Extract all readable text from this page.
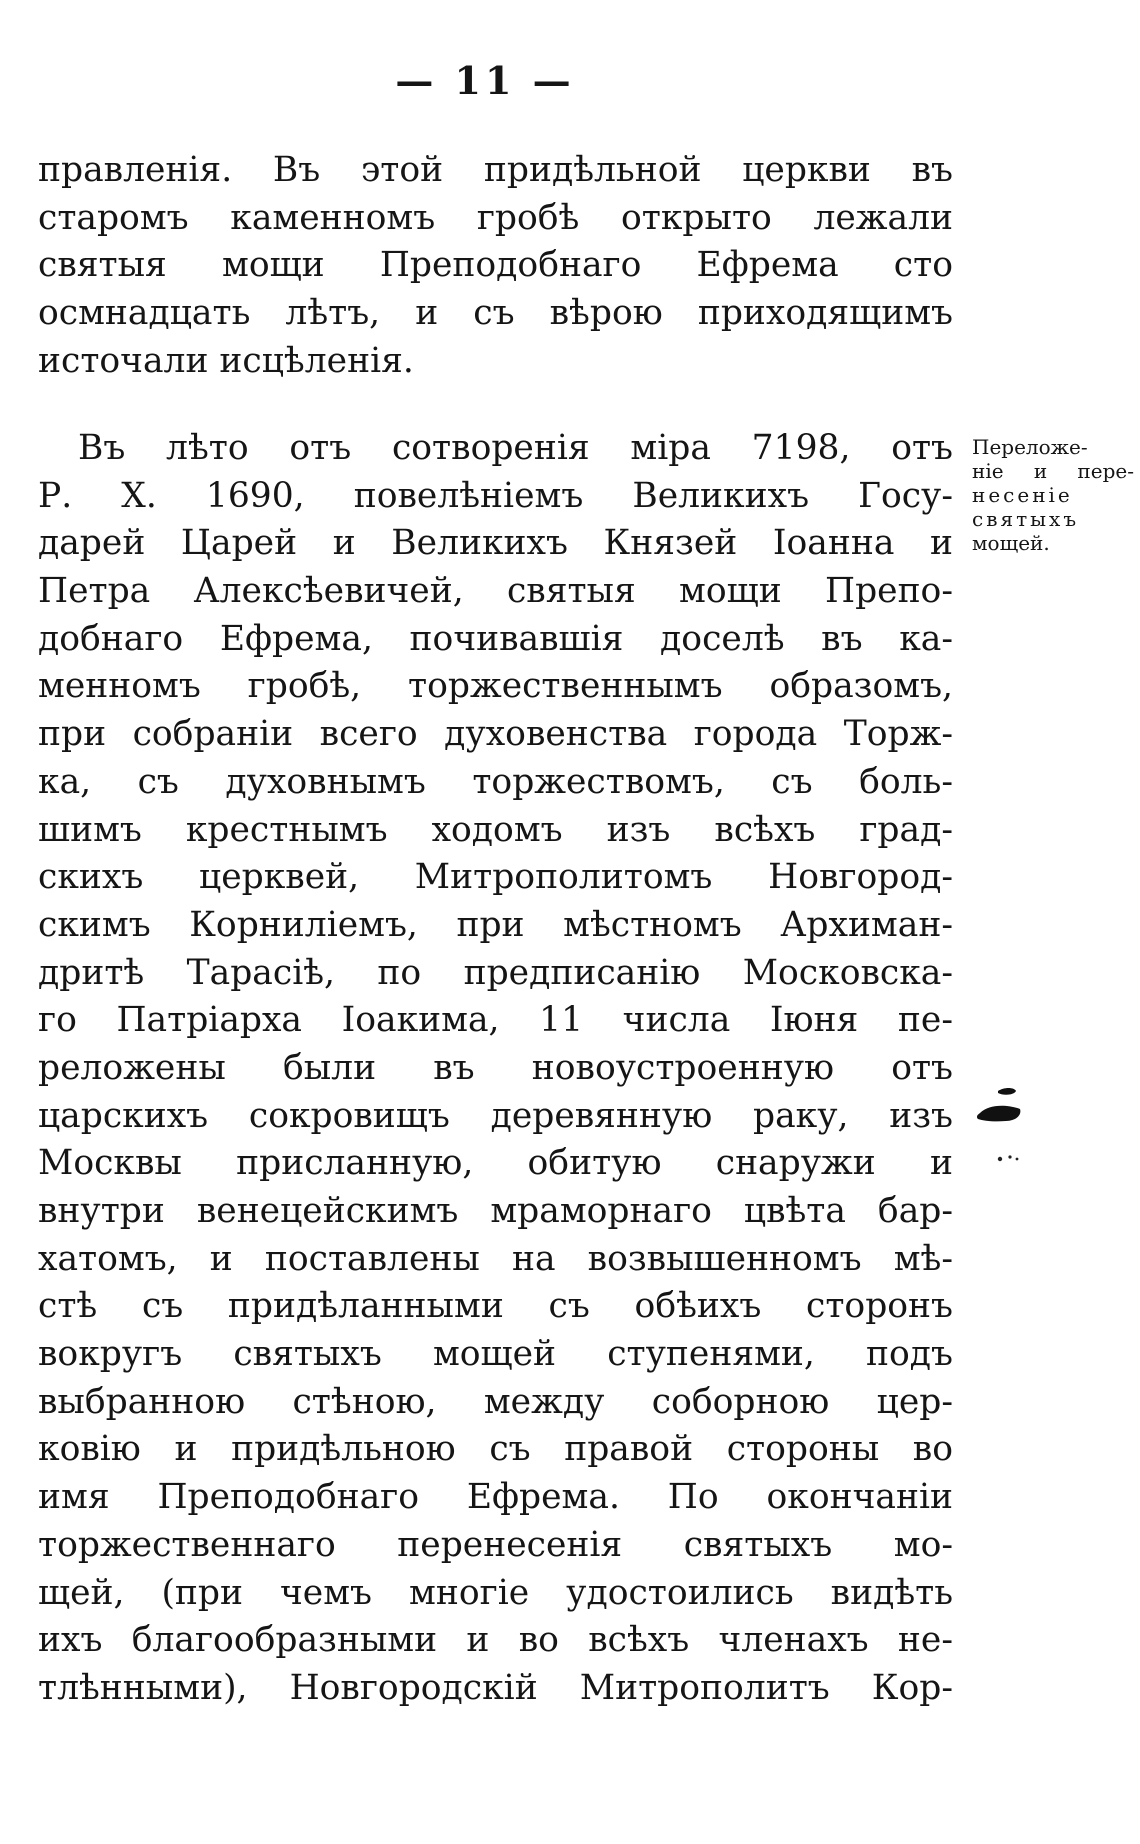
— 11 —
правленія. Въ этой придѣльной церкви въ
старомъ каменномъ гробѣ открыто лежали
святыя мощи Преподобнаго Ефрема сто
осмнадцать лѣтъ, и съ вѣрою приходящимъ
источали исцѣленія.
Въ лѣто отъ сотворенія міра 7198, отъ
Р. Х. 1690, повелѣніемъ Великихъ Госу-
дарей Царей и Великихъ Князей Іоанна и
Петра Алексѣевичей, святыя мощи Препо-
добнаго Ефрема, почивавшія доселѣ въ ка-
менномъ гробѣ, торжественнымъ образомъ,
при собраніи всего духовенства города Торж-
ка, съ духовнымъ торжествомъ, съ боль-
шимъ крестнымъ ходомъ изъ всѣхъ град-
скихъ церквей, Митрополитомъ Новгород-
скимъ Корниліемъ, при мѣстномъ Архиман-
дритѣ Тарасіѣ, по предписанію Московска-
го Патріарха Іоакима, 11 числа Іюня пе-
реложены были въ новоустроенную отъ
царскихъ сокровищъ деревянную раку, изъ
Москвы присланную, обитую снаружи и
внутри венецейскимъ мраморнаго цвѣта бар-
хатомъ, и поставлены на возвышенномъ мѣ-
стѣ съ придѣланными съ обѣихъ сторонъ
вокругъ святыхъ мощей ступенями, подъ
выбранною стѣною, между соборною цер-
ковію и придѣльною съ правой стороны во
имя Преподобнаго Ефрема. По окончаніи
торжественнаго перенесенія святыхъ мо-
щей, (при чемъ многіе удостоились видѣть
ихъ благообразными и во всѣхъ членахъ не-
тлѣнными), Новгородскій Митрополитъ Кор-
Переложе-
ніе и пере-
несеніе
святыхъ
мощей.
